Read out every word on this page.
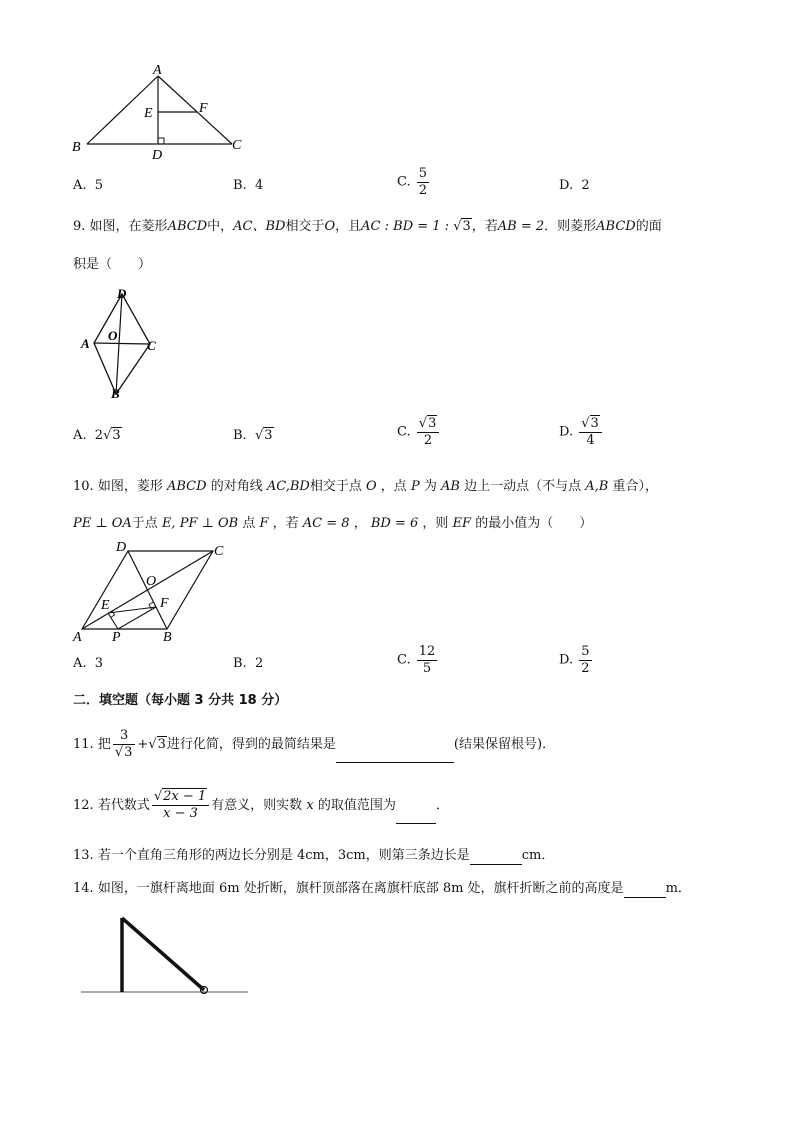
A
E	F
B
D
C
A. 5	B. 4	C. $\frac{5}{2}$	D. 2
9. 如图，在菱形ABCD中，AC、BD相交于O，且AC : BD = 1 : √3，若AB = 2．则菱形ABCD的面
积是（　　）
D
O
A	C
B
A. 2√3	B. √3	C. $\frac{√3}{2}$	D. $\frac{√3}{4}$
10. 如图，菱形 ABCD 的对角线 AC,BD相交于点 O ，点 P 为 AB 边上一动点（不与点 A,B 重合），
PE ⊥ OA于点 E, PF ⊥ OB 点 F ，若 AC = 8 ， BD = 6 ，则 EF 的最小值为（　　）
D	C
O
E	F
A P	B
A. 3	B. 2	C. $\frac{12}{5}$	D. $\frac{5}{2}$
二．填空题（每小题 3 分共 18 分）
11. 把 $\frac{3}{√3} +√3$进行化简，得到的最简结果是	(结果保留根号)．
12. 若代数式 $\frac{√2x - 1}{x - 3}$ 有意义，则实数 x 的取值范围为	．
13. 若一个直角三角形的两边长分别是 4cm，3cm，则第三条边长是	cm．
14. 如图，一旗杆离地面 6m 处折断，旗杆顶部落在离旗杆底部 8m 处，旗杆折断之前的高度是	m．
